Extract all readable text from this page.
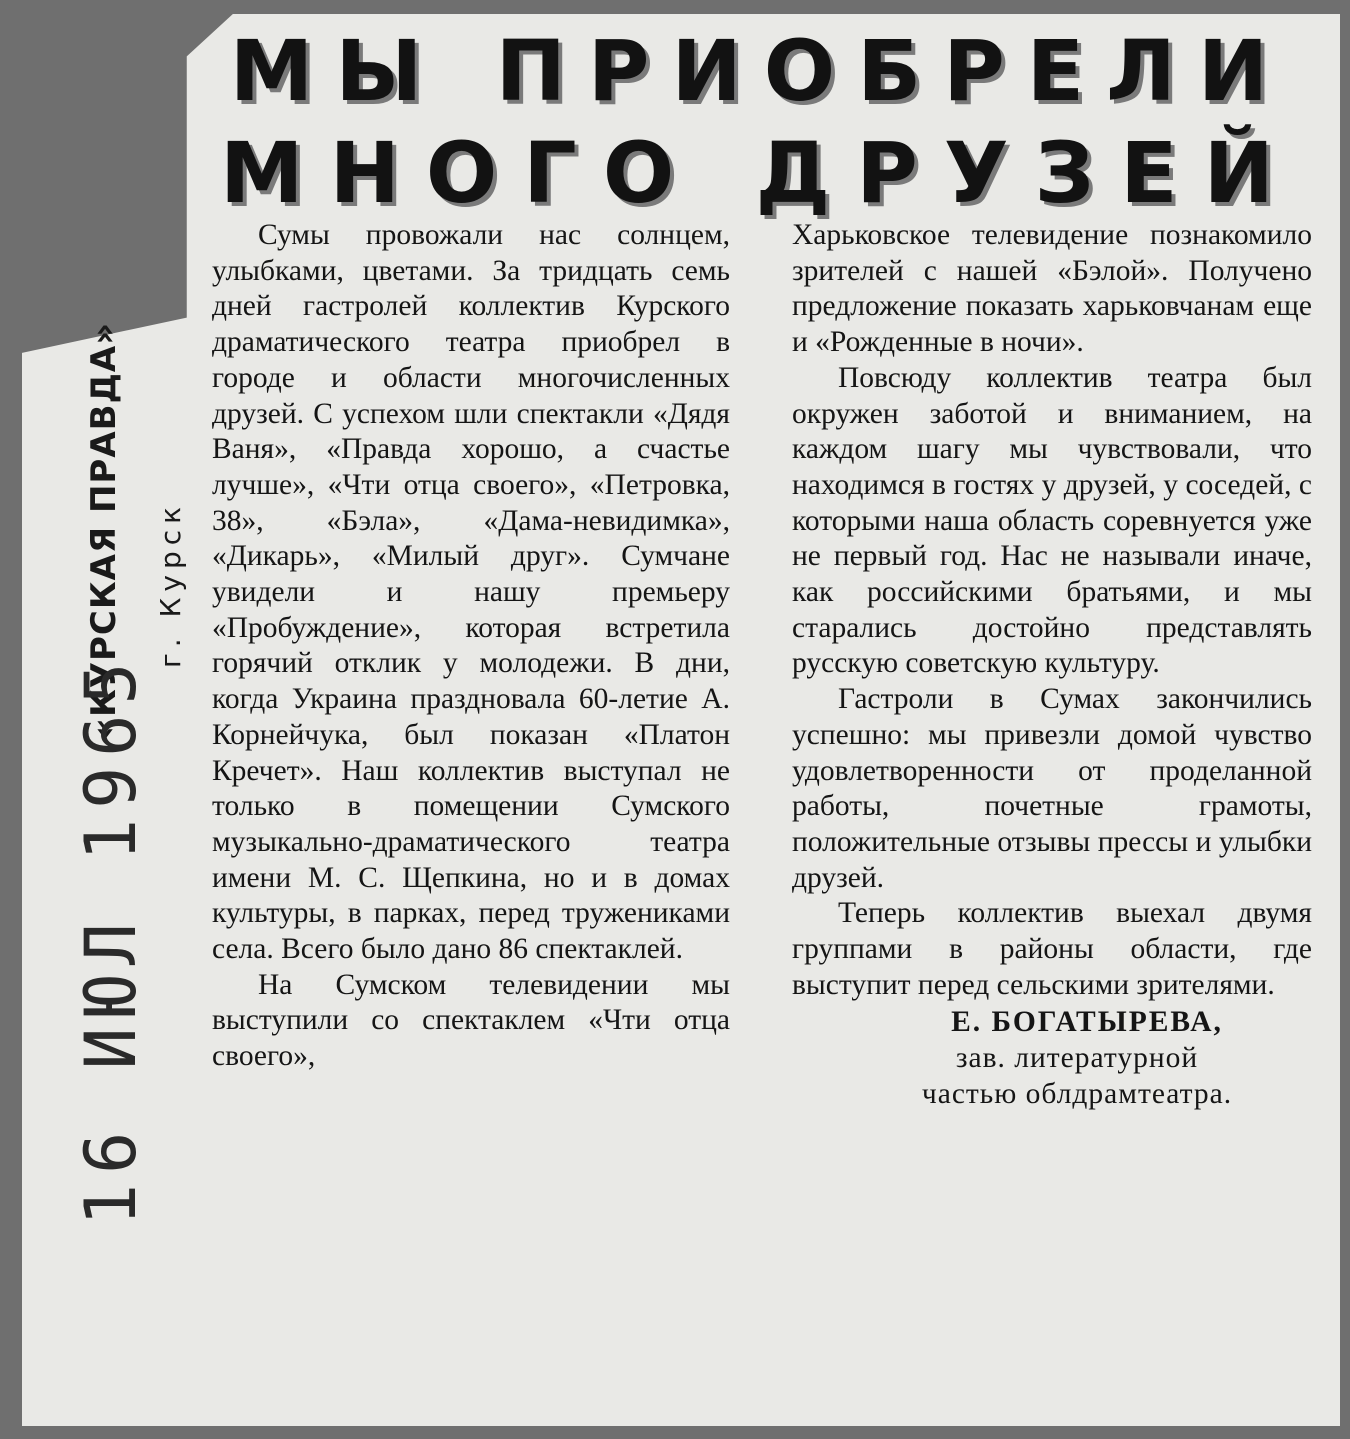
МЫ ПРИОБРЕЛИ
МНОГО ДРУЗЕЙ
«КУРСКАЯ ПРАВДА» г. Курск
16 ИЮЛ 1965

Сумы провожали нас солнцем, улыбками, цветами. За тридцать семь дней гастролей коллектив Курского драматического театра приобрел в городе и области многочисленных друзей. С успехом шли спектакли «Дядя Ваня», «Правда хорошо, а счастье лучше», «Чти отца своего», «Петровка, 38», «Бэла», «Дама-невидимка», «Дикарь», «Милый друг». Сумчане увидели и нашу премьеру «Пробуждение», которая встретила горячий отклик у молодежи. В дни, когда Украина праздновала 60-летие А. Корнейчука, был показан «Платон Кречет». Наш коллектив выступал не только в помещении Сумского музыкально-драматического театра имени М. С. Щепкина, но и в домах культуры, в парках, перед тружениками села. Всего было дано 86 спектаклей.

На Сумском телевидении мы выступили со спектаклем «Чти отца своего»,

Харьковское телевидение познакомило зрителей с нашей «Бэлой». Получено предложение показать харьковчанам еще и «Рожденные в ночи».

Повсюду коллектив театра был окружен заботой и вниманием, на каждом шагу мы чувствовали, что находимся в гостях у друзей, у соседей, с которыми наша область соревнуется уже не первый год. Нас не называли иначе, как российскими братьями, и мы старались достойно представлять русскую советскую культуру.

Гастроли в Сумах закончились успешно: мы привезли домой чувство удовлетворенности от проделанной работы, почетные грамоты, положительные отзывы прессы и улыбки друзей.

Теперь коллектив выехал двумя группами в районы области, где выступит перед сельскими зрителями.

Е. БОГАТЫРЕВА,
зав. литературной
частью облдрамтеатра.
